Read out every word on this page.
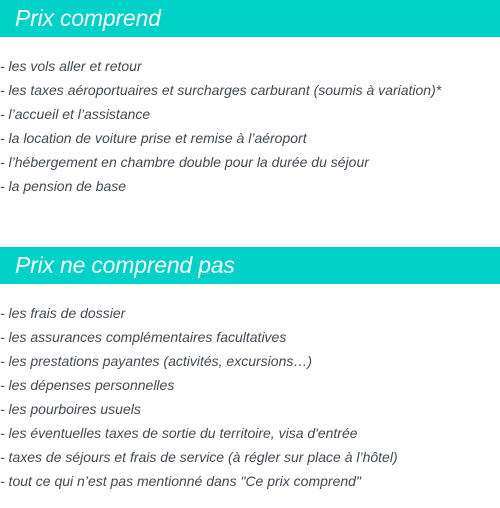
Prix comprend
- les vols aller et retour
- les taxes aéroportuaires et surcharges carburant (soumis à variation)*
- l’accueil et l’assistance
- la location de voiture prise et remise à l’aéroport
- l’hébergement en chambre double pour la durée du séjour
- la pension de base
Prix ne comprend pas
- les frais de dossier
- les assurances complémentaires facultatives
- les prestations payantes (activités, excursions…)
- les dépenses personnelles
- les pourboires usuels
- les éventuelles taxes de sortie du territoire, visa d'entrée
- taxes de séjours et frais de service (à régler sur place à l’hôtel)
- tout ce qui n’est pas mentionné dans "Ce prix comprend"
